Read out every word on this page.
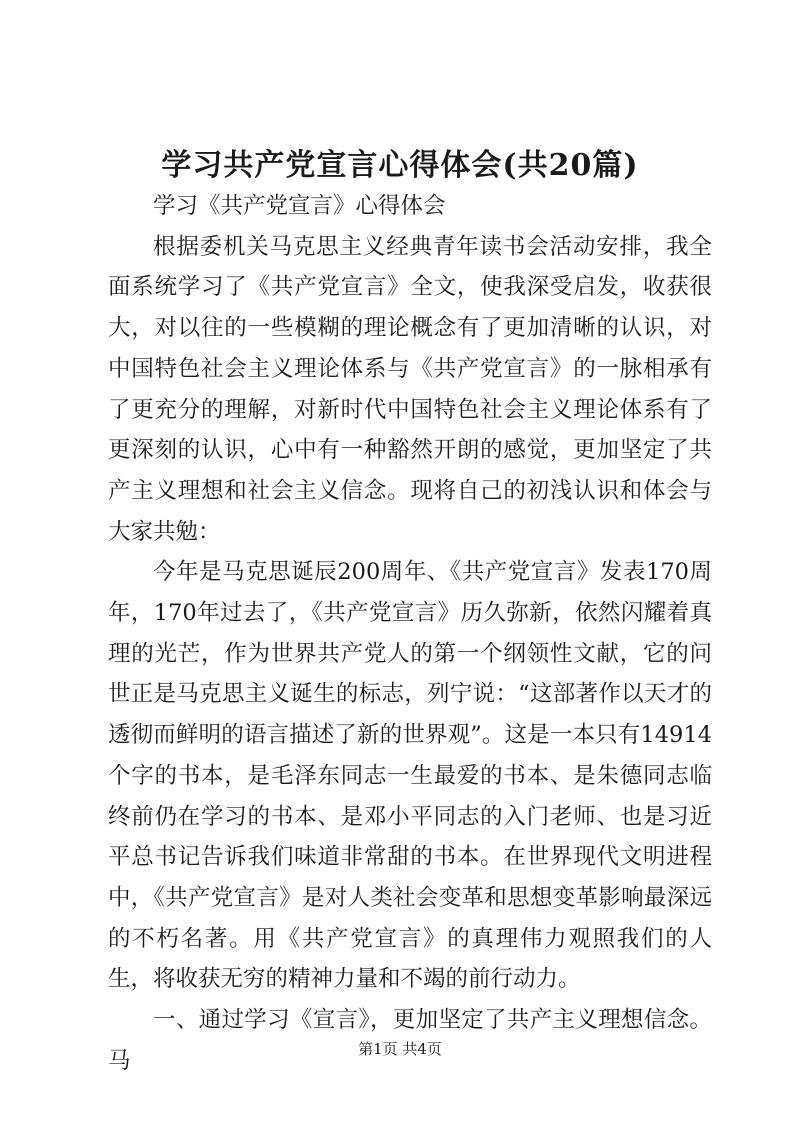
学习共产党宣言心得体会(共20篇)

学习《共产党宣言》心得体会

根据委机关马克思主义经典青年读书会活动安排，我全面系统学习了《共产党宣言》全文，使我深受启发，收获很大，对以往的一些模糊的理论概念有了更加清晰的认识，对中国特色社会主义理论体系与《共产党宣言》的一脉相承有了更充分的理解，对新时代中国特色社会主义理论体系有了更深刻的认识，心中有一种豁然开朗的感觉，更加坚定了共产主义理想和社会主义信念。现将自己的初浅认识和体会与大家共勉：

今年是马克思诞辰200周年、《共产党宣言》发表170周年，170年过去了，《共产党宣言》历久弥新，依然闪耀着真理的光芒，作为世界共产党人的第一个纲领性文献，它的问世正是马克思主义诞生的标志，列宁说：“这部著作以天才的透彻而鲜明的语言描述了新的世界观”。这是一本只有14914个字的书本，是毛泽东同志一生最爱的书本、是朱德同志临终前仍在学习的书本、是邓小平同志的入门老师、也是习近平总书记告诉我们味道非常甜的书本。在世界现代文明进程中，《共产党宣言》是对人类社会变革和思想变革影响最深远的不朽名著。用《共产党宣言》的真理伟力观照我们的人生，将收获无穷的精神力量和不竭的前行动力。

一、通过学习《宣言》，更加坚定了共产主义理想信念。马	第1页 共4页
